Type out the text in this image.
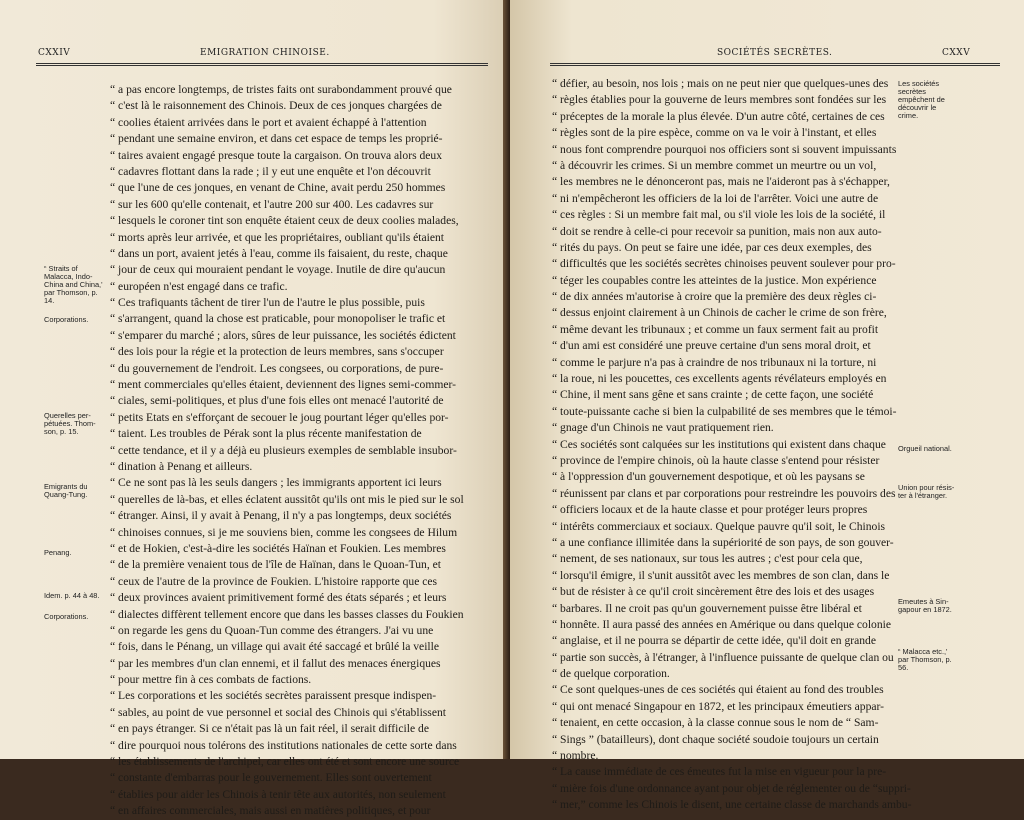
CXXIV	EMIGRATION CHINOISE.
“ a pas encore longtemps, de tristes faits ont surabondamment prouvé que
“ c'est là le raisonnement des Chinois. Deux de ces jonques chargées de
“ coolies étaient arrivées dans le port et avaient échappé à l'attention
“ pendant une semaine environ, et dans cet espace de temps les proprié-
“ taires avaient engagé presque toute la cargaison. On trouva alors deux
“ cadavres flottant dans la rade ; il y eut une enquête et l'on découvrit
“ que l'une de ces jonques, en venant de Chine, avait perdu 250 hommes
“ sur les 600 qu'elle contenait, et l'autre 200 sur 400. Les cadavres sur
“ lesquels le coroner tint son enquête étaient ceux de deux coolies malades,
“ morts après leur arrivée, et que les propriétaires, oubliant qu'ils étaient
“ dans un port, avaient jetés à l'eau, comme ils faisaient, du reste, chaque
“ jour de ceux qui mouraient pendant le voyage. Inutile de dire qu'aucun
“ européen n'est engagé dans ce trafic.
“ Ces trafiquants tâchent de tirer l'un de l'autre le plus possible, puis
“ s'arrangent, quand la chose est praticable, pour monopoliser le trafic et
“ s'emparer du marché ; alors, sûres de leur puissance, les sociétés édictent
“ des lois pour la régie et la protection de leurs membres, sans s'occuper
“ du gouvernement de l'endroit. Les congsees, ou corporations, de pure-
“ ment commerciales qu'elles étaient, deviennent des lignes semi-commer-
“ ciales, semi-politiques, et plus d'une fois elles ont menacé l'autorité de
“ petits Etats en s'efforçant de secouer le joug pourtant léger qu'elles por-
“ taient. Les troubles de Pérak sont la plus récente manifestation de
“ cette tendance, et il y a déjà eu plusieurs exemples de semblable insubor-
“ dination à Penang et ailleurs.
“ Ce ne sont pas là les seuls dangers ; les immigrants apportent ici leurs
“ querelles de là-bas, et elles éclatent aussitôt qu'ils ont mis le pied sur le sol
“ étranger. Ainsi, il y avait à Penang, il n'y a pas longtemps, deux sociétés
“ chinoises connues, si je me souviens bien, comme les congsees de Hilum
“ et de Hokien, c'est-à-dire les sociétés Haïnan et Foukien. Les membres
“ de la première venaient tous de l'île de Haïnan, dans le Quoan-Tun, et
“ ceux de l'autre de la province de Foukien. L'histoire rapporte que ces
“ deux provinces avaient primitivement formé des états séparés ; et leurs
“ dialectes diffèrent tellement encore que dans les basses classes du Foukien
“ on regarde les gens du Quoan-Tun comme des étrangers. J'ai vu une
“ fois, dans le Pénang, un village qui avait été saccagé et brûlé la veille
“ par les membres d'un clan ennemi, et il fallut des menaces énergiques
“ pour mettre fin à ces combats de factions.
“ Les corporations et les sociétés secrètes paraissent presque indispen-
“ sables, au point de vue personnel et social des Chinois qui s'établissent
“ en pays étranger. Si ce n'était pas là un fait réel, il serait difficile de
“ dire pourquoi nous tolérons des institutions nationales de cette sorte dans
“ les établissements de l'archipel, car elles ont été et sont encore une source
“ constante d'embarras pour le gouvernement. Elles sont ouvertement
“ établies pour aider les Chinois à tenir tête aux autorités, non seulement
“ en affaires commerciales, mais aussi en matières politiques, et pour
“ Straits of
Malacca, Indo-
China and China,'
par Thomson, p.
14.
Corporations.
Querelles per-
pétuées. Thom-
son, p. 15.
Emigrants du
Quang-Tung.
Penang.
Idem. p. 44 à 48.
Corporations.
SOCIÉTÉS SECRÈTES.	CXXV
“ défier, au besoin, nos lois ; mais on ne peut nier que quelques-unes des
“ règles établies pour la gouverne de leurs membres sont fondées sur les
“ préceptes de la morale la plus élevée. D'un autre côté, certaines de ces
“ règles sont de la pire espèce, comme on va le voir à l'instant, et elles
“ nous font comprendre pourquoi nos officiers sont si souvent impuissants
“ à découvrir les crimes. Si un membre commet un meurtre ou un vol,
“ les membres ne le dénonceront pas, mais ne l'aideront pas à s'échapper,
“ ni n'empêcheront les officiers de la loi de l'arrêter. Voici une autre de
“ ces règles : Si un membre fait mal, ou s'il viole les lois de la société, il
“ doit se rendre à celle-ci pour recevoir sa punition, mais non aux auto-
“ rités du pays. On peut se faire une idée, par ces deux exemples, des
“ difficultés que les sociétés secrètes chinoises peuvent soulever pour pro-
“ téger les coupables contre les atteintes de la justice. Mon expérience
“ de dix années m'autorise à croire que la première des deux règles ci-
“ dessus enjoint clairement à un Chinois de cacher le crime de son frère,
“ même devant les tribunaux ; et comme un faux serment fait au profit
“ d'un ami est considéré une preuve certaine d'un sens moral droit, et
“ comme le parjure n'a pas à craindre de nos tribunaux ni la torture, ni
“ la roue, ni les poucettes, ces excellents agents révélateurs employés en
“ Chine, il ment sans gêne et sans crainte ; de cette façon, une société
“ toute-puissante cache si bien la culpabilité de ses membres que le témoi-
“ gnage d'un Chinois ne vaut pratiquement rien.
“ Ces sociétés sont calquées sur les institutions qui existent dans chaque
“ province de l'empire chinois, où la haute classe s'entend pour résister
“ à l'oppression d'un gouvernement despotique, et où les paysans se
“ réunissent par clans et par corporations pour restreindre les pouvoirs des
“ officiers locaux et de la haute classe et pour protéger leurs propres
“ intérêts commerciaux et sociaux. Quelque pauvre qu'il soit, le Chinois
“ a une confiance illimitée dans la supériorité de son pays, de son gouver-
“ nement, de ses nationaux, sur tous les autres ; c'est pour cela que,
“ lorsqu'il émigre, il s'unit aussitôt avec les membres de son clan, dans le
“ but de résister à ce qu'il croit sincèrement être des lois et des usages
“ barbares. Il ne croit pas qu'un gouvernement puisse être libéral et
“ honnête. Il aura passé des années en Amérique ou dans quelque colonie
“ anglaise, et il ne pourra se départir de cette idée, qu'il doit en grande
“ partie son succès, à l'étranger, à l'influence puissante de quelque clan ou
“ de quelque corporation.
“ Ce sont quelques-unes de ces sociétés qui étaient au fond des troubles
“ qui ont menacé Singapour en 1872, et les principaux émeutiers appar-
“ tenaient, en cette occasion, à la classe connue sous le nom de “ Sam-
“ Sings ” (batailleurs), dont chaque société soudoie toujours un certain
“ nombre.
“ La cause immédiate de ces émeutes fut la mise en vigueur pour la pre-
“ mière fois d'une ordonnance ayant pour objet de réglementer ou de “suppri-
“ mer,” comme les Chinois le disent, une certaine classe de marchands ambu-
Les sociétés
secrètes
empêchent de
découvrir le
crime.
Orgueil national.
Union pour résis-
ter à l'étranger.
Emeutes à Sin-
gapour en 1872.
“ Malacca etc.,'
par Thomson, p.
56.
